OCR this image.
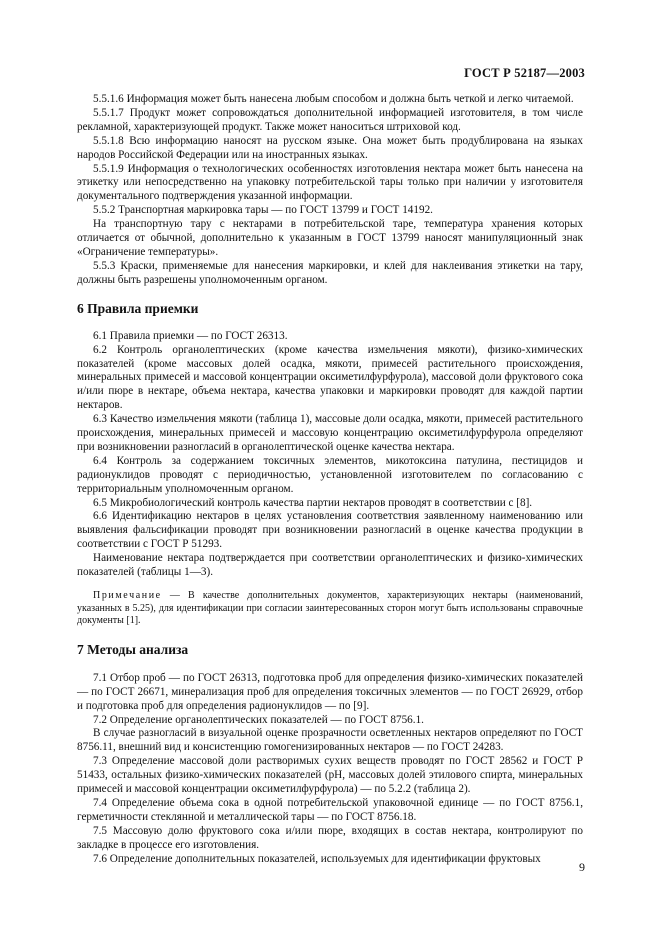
ГОСТ Р 52187—2003

5.5.1.6 Информация может быть нанесена любым способом и должна быть четкой и легко читаемой.

5.5.1.7 Продукт может сопровождаться дополнительной информацией изготовителя, в том числе рекламной, характеризующей продукт. Также может наноситься штриховой код.

5.5.1.8 Всю информацию наносят на русском языке. Она может быть продублирована на языках народов Российской Федерации или на иностранных языках.

5.5.1.9 Информация о технологических особенностях изготовления нектара может быть нанесена на этикетку или непосредственно на упаковку потребительской тары только при наличии у изготовителя документального подтверждения указанной информации.

5.5.2 Транспортная маркировка тары — по ГОСТ 13799 и ГОСТ 14192.

На транспортную тару с нектарами в потребительской таре, температура хранения которых отличается от обычной, дополнительно к указанным в ГОСТ 13799 наносят манипуляционный знак «Ограничение температуры».

5.5.3 Краски, применяемые для нанесения маркировки, и клей для наклеивания этикетки на тару, должны быть разрешены уполномоченным органом.

6 Правила приемки

6.1 Правила приемки — по ГОСТ 26313.

6.2 Контроль органолептических (кроме качества измельчения мякоти), физико-химических показателей (кроме массовых долей осадка, мякоти, примесей растительного происхождения, минеральных примесей и массовой концентрации оксиметилфурфурола), массовой доли фруктового сока и/или пюре в нектаре, объема нектара, качества упаковки и маркировки проводят для каждой партии нектаров.

6.3 Качество измельчения мякоти (таблица 1), массовые доли осадка, мякоти, примесей растительного происхождения, минеральных примесей и массовую концентрацию оксиметилфурфурола определяют при возникновении разногласий в органолептической оценке качества нектара.

6.4 Контроль за содержанием токсичных элементов, микотоксина патулина, пестицидов и радионуклидов проводят с периодичностью, установленной изготовителем по согласованию с территориальным уполномоченным органом.

6.5 Микробиологический контроль качества партии нектаров проводят в соответствии с [8].

6.6 Идентификацию нектаров в целях установления соответствия заявленному наименованию или выявления фальсификации проводят при возникновении разногласий в оценке качества продукции в соответствии с ГОСТ Р 51293.

Наименование нектара подтверждается при соответствии органолептических и физико-химических показателей (таблицы 1—3).

Примечание — В качестве дополнительных документов, характеризующих нектары (наименований, указанных в 5.25), для идентификации при согласии заинтересованных сторон могут быть использованы справочные документы [1].

7 Методы анализа

7.1 Отбор проб — по ГОСТ 26313, подготовка проб для определения физико-химических показателей — по ГОСТ 26671, минерализация проб для определения токсичных элементов — по ГОСТ 26929, отбор и подготовка проб для определения радионуклидов — по [9].

7.2 Определение органолептических показателей — по ГОСТ 8756.1.

В случае разногласий в визуальной оценке прозрачности осветленных нектаров определяют по ГОСТ 8756.11, внешний вид и консистенцию гомогенизированных нектаров — по ГОСТ 24283.

7.3 Определение массовой доли растворимых сухих веществ проводят по ГОСТ 28562 и ГОСТ Р 51433, остальных физико-химических показателей (pH, массовых долей этилового спирта, минеральных примесей и массовой концентрации оксиметилфурфурола) — по 5.2.2 (таблица 2).

7.4 Определение объема сока в одной потребительской упаковочной единице — по ГОСТ 8756.1, герметичности стеклянной и металлической тары — по ГОСТ 8756.18.

7.5 Массовую долю фруктового сока и/или пюре, входящих в состав нектара, контролируют по закладке в процессе его изготовления.

7.6 Определение дополнительных показателей, используемых для идентификации фруктовых

9
